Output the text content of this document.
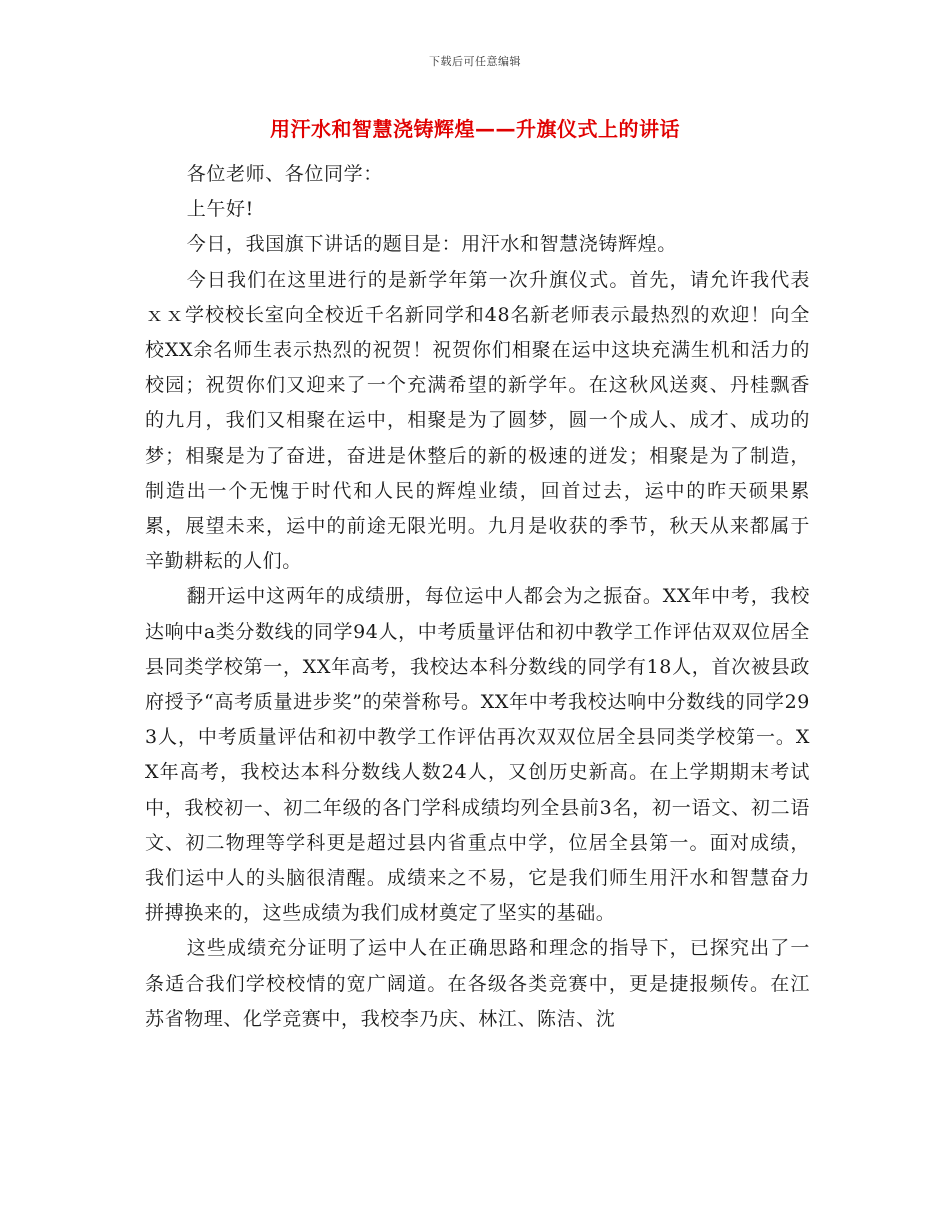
下载后可任意编辑
用汗水和智慧浇铸辉煌——升旗仪式上的讲话

各位老师、各位同学：

上午好!

今日，我国旗下讲话的题目是：用汗水和智慧浇铸辉煌。

今日我们在这里进行的是新学年第一次升旗仪式。首先，请允许我代表ｘｘ学校校长室向全校近千名新同学和48名新老师表示最热烈的欢迎！向全校XX余名师生表示热烈的祝贺！祝贺你们相聚在运中这块充满生机和活力的校园；祝贺你们又迎来了一个充满希望的新学年。在这秋风送爽、丹桂飘香的九月，我们又相聚在运中，相聚是为了圆梦，圆一个成人、成才、成功的梦；相聚是为了奋进，奋进是休整后的新的极速的迸发；相聚是为了制造，制造出一个无愧于时代和人民的辉煌业绩，回首过去，运中的昨天硕果累累，展望未来，运中的前途无限光明。九月是收获的季节，秋天从来都属于辛勤耕耘的人们。

翻开运中这两年的成绩册，每位运中人都会为之振奋。XX年中考，我校达响中a类分数线的同学94人，中考质量评估和初中教学工作评估双双位居全县同类学校第一，XX年高考，我校达本科分数线的同学有18人，首次被县政府授予“高考质量进步奖”的荣誉称号。XX年中考我校达响中分数线的同学293人，中考质量评估和初中教学工作评估再次双双位居全县同类学校第一。XX年高考，我校达本科分数线人数24人，又创历史新高。在上学期期末考试中，我校初一、初二年级的各门学科成绩均列全县前3名，初一语文、初二语文、初二物理等学科更是超过县内省重点中学，位居全县第一。面对成绩，我们运中人的头脑很清醒。成绩来之不易，它是我们师生用汗水和智慧奋力拼搏换来的，这些成绩为我们成材奠定了坚实的基础。

这些成绩充分证明了运中人在正确思路和理念的指导下，已探究出了一条适合我们学校校情的宽广阔道。在各级各类竞赛中，更是捷报频传。在江苏省物理、化学竞赛中，我校李乃庆、林江、陈洁、沈
